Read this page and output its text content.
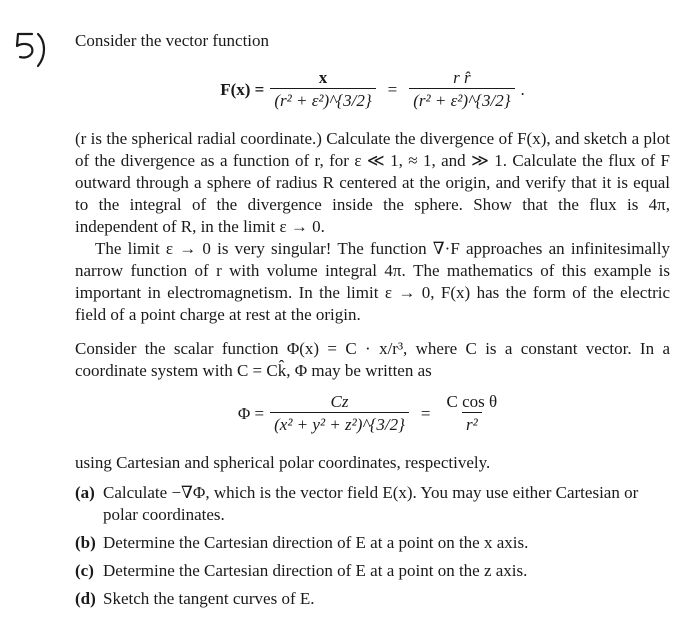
Consider the vector function

$F(x) = \frac{x}{\text{(r² + ε²)\textasciicircum{}\{3/2\}}} = \frac{\text{r r̂}}{\text{(r² + ε²)\textasciicircum{}\{3/2\}}}$ .

(r is the spherical radial coordinate.) Calculate the divergence of F(x), and sketch a plot of the divergence as a function of r, for ε ≪ 1, ≈ 1, and ≫ 1. Calculate the flux of F outward through a sphere of radius R centered at the origin, and verify that it is equal to the integral of the divergence inside the sphere. Show that the flux is 4π, independent of R, in the limit ε → 0.

The limit ε → 0 is very singular! The function ∇·F approaches an infinitesimally narrow function of r with volume integral 4π. The mathematics of this example is important in electromagnetism. In the limit ε → 0, F(x) has the form of the electric field of a point charge at rest at the origin.

Consider the scalar function Φ(x) = C · x/r³, where C is a constant vector. In a coordinate system with C = Ck̂, Φ may be written as

$\Phi = \frac{Cz}{\text{(x² + y² + z²)\textasciicircum{}\{3/2\}}} = \frac{\text{C cos θ}}{\text{r²}}$

using Cartesian and spherical polar coordinates, respectively.

(a) Calculate −∇Φ, which is the vector field E(x). You may use either Cartesian or polar coordinates.
(b) Determine the Cartesian direction of E at a point on the x axis.
(c) Determine the Cartesian direction of E at a point on the z axis.
(d) Sketch the tangent curves of E.
